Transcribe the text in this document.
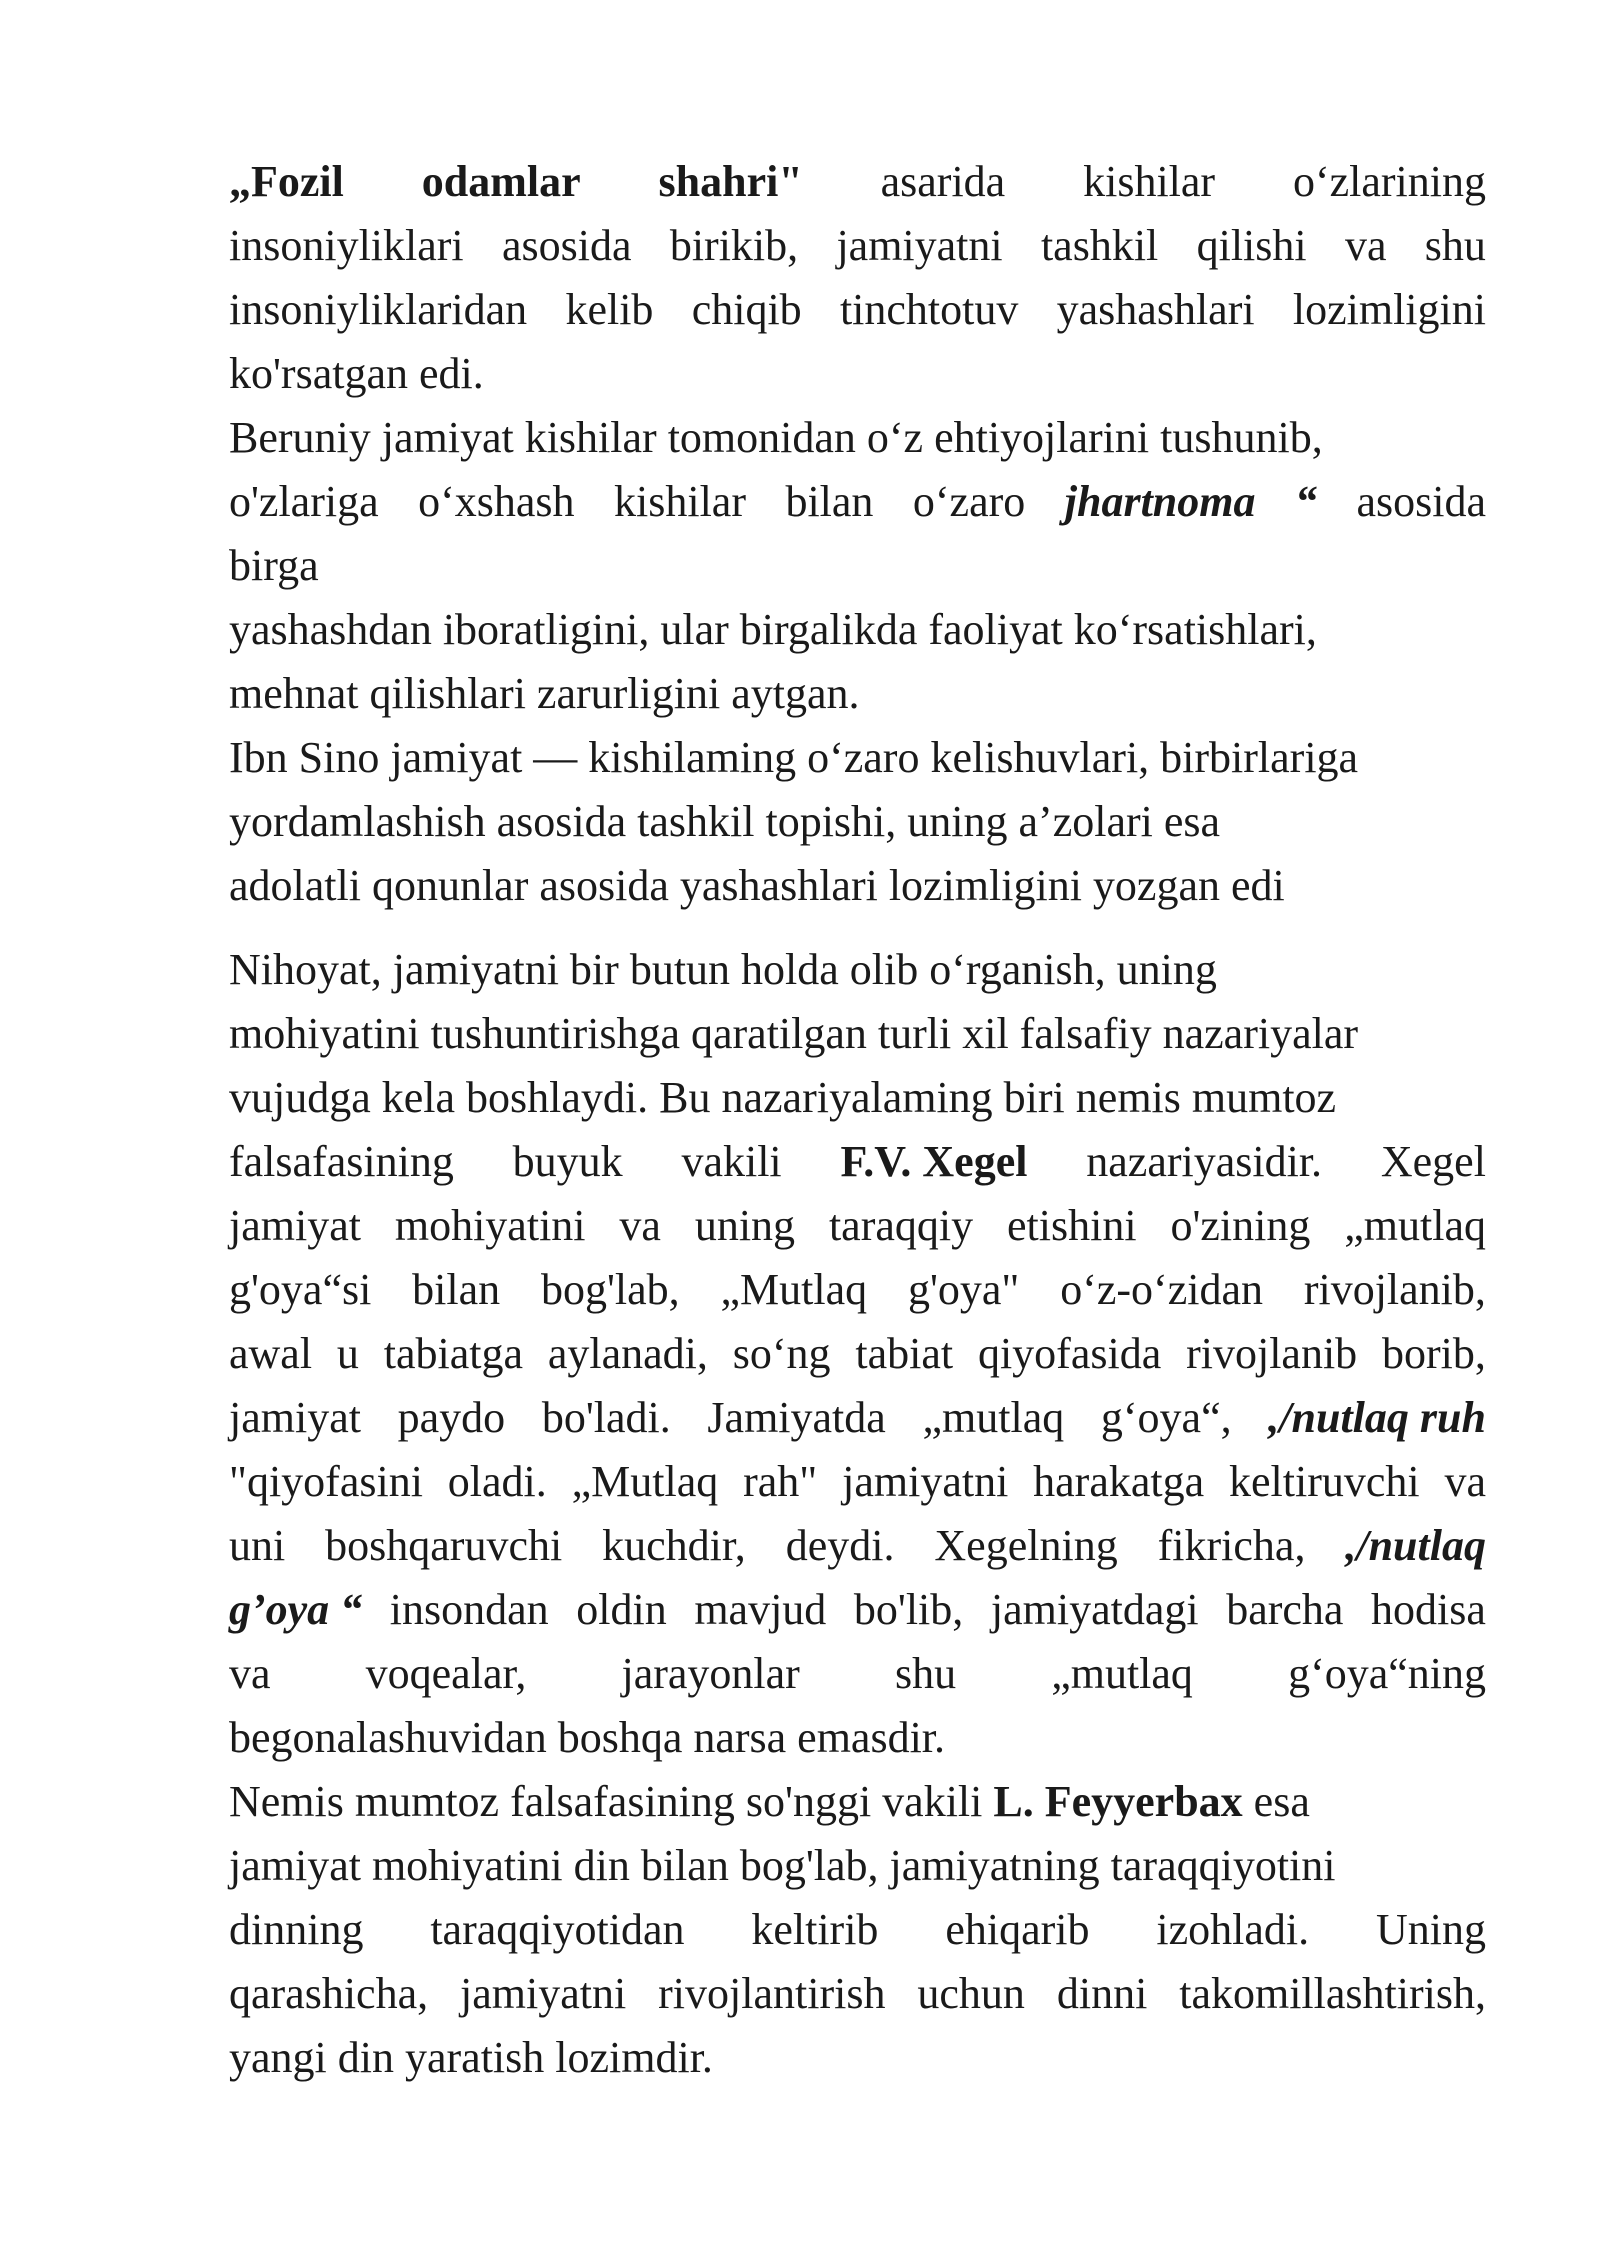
„Fozil odamlar shahri" asarida kishilar o‘zlarining
insoniyliklari asosida birikib, jamiyatni tashkil qilishi va shu
insoniyliklaridan kelib chiqib tinchtotuv yashashlari lozimligini
ko'rsatgan edi.
Beruniy jamiyat kishilar tomonidan o‘z ehtiyojlarini tushunib,
o'zlariga o‘xshash kishilar bilan o‘zaro jhartnoma “ asosida
birga
yashashdan iboratligini, ular birgalikda faoliyat ko‘rsatishlari,
mehnat qilishlari zarurligini aytgan.
Ibn Sino jamiyat — kishilaming o‘zaro kelishuvlari, birbirlariga
yordamlashish asosida tashkil topishi, uning a’zolari esa
adolatli qonunlar asosida yashashlari lozimligini yozgan edi
Nihoyat, jamiyatni bir butun holda olib o‘rganish, uning
mohiyatini tushuntirishga qaratilgan turli xil falsafiy nazariyalar
vujudga kela boshlaydi. Bu nazariyalaming biri nemis mumtoz
falsafasining buyuk vakili F.V. Xegel nazariyasidir. Xegel
jamiyat mohiyatini va uning taraqqiy etishini o'zining „mutlaq
g'oya“si bilan bog'lab, „Mutlaq g'oya" o‘z-o‘zidan rivojlanib,
awal u tabiatga aylanadi, so‘ng tabiat qiyofasida rivojlanib borib,
jamiyat paydo bo'ladi. Jamiyatda „mutlaq g‘oya“, ,/nutlaq ruh
"qiyofasini oladi. „Mutlaq rah" jamiyatni harakatga keltiruvchi va
uni boshqaruvchi kuchdir, deydi. Xegelning fikricha, ,/nutlaq
g’oya “ insondan oldin mavjud bo'lib, jamiyatdagi barcha hodisa
va voqealar, jarayonlar shu „mutlaq g‘oya“ning
begonalashuvidan boshqa narsa emasdir.
Nemis mumtoz falsafasining so'nggi vakili L. Feyyerbax esa
jamiyat mohiyatini din bilan bog'lab, jamiyatning taraqqiyotini
dinning taraqqiyotidan keltirib ehiqarib izohladi. Uning
qarashicha, jamiyatni rivojlantirish uchun dinni takomillashtirish,
yangi din yaratish lozimdir.
